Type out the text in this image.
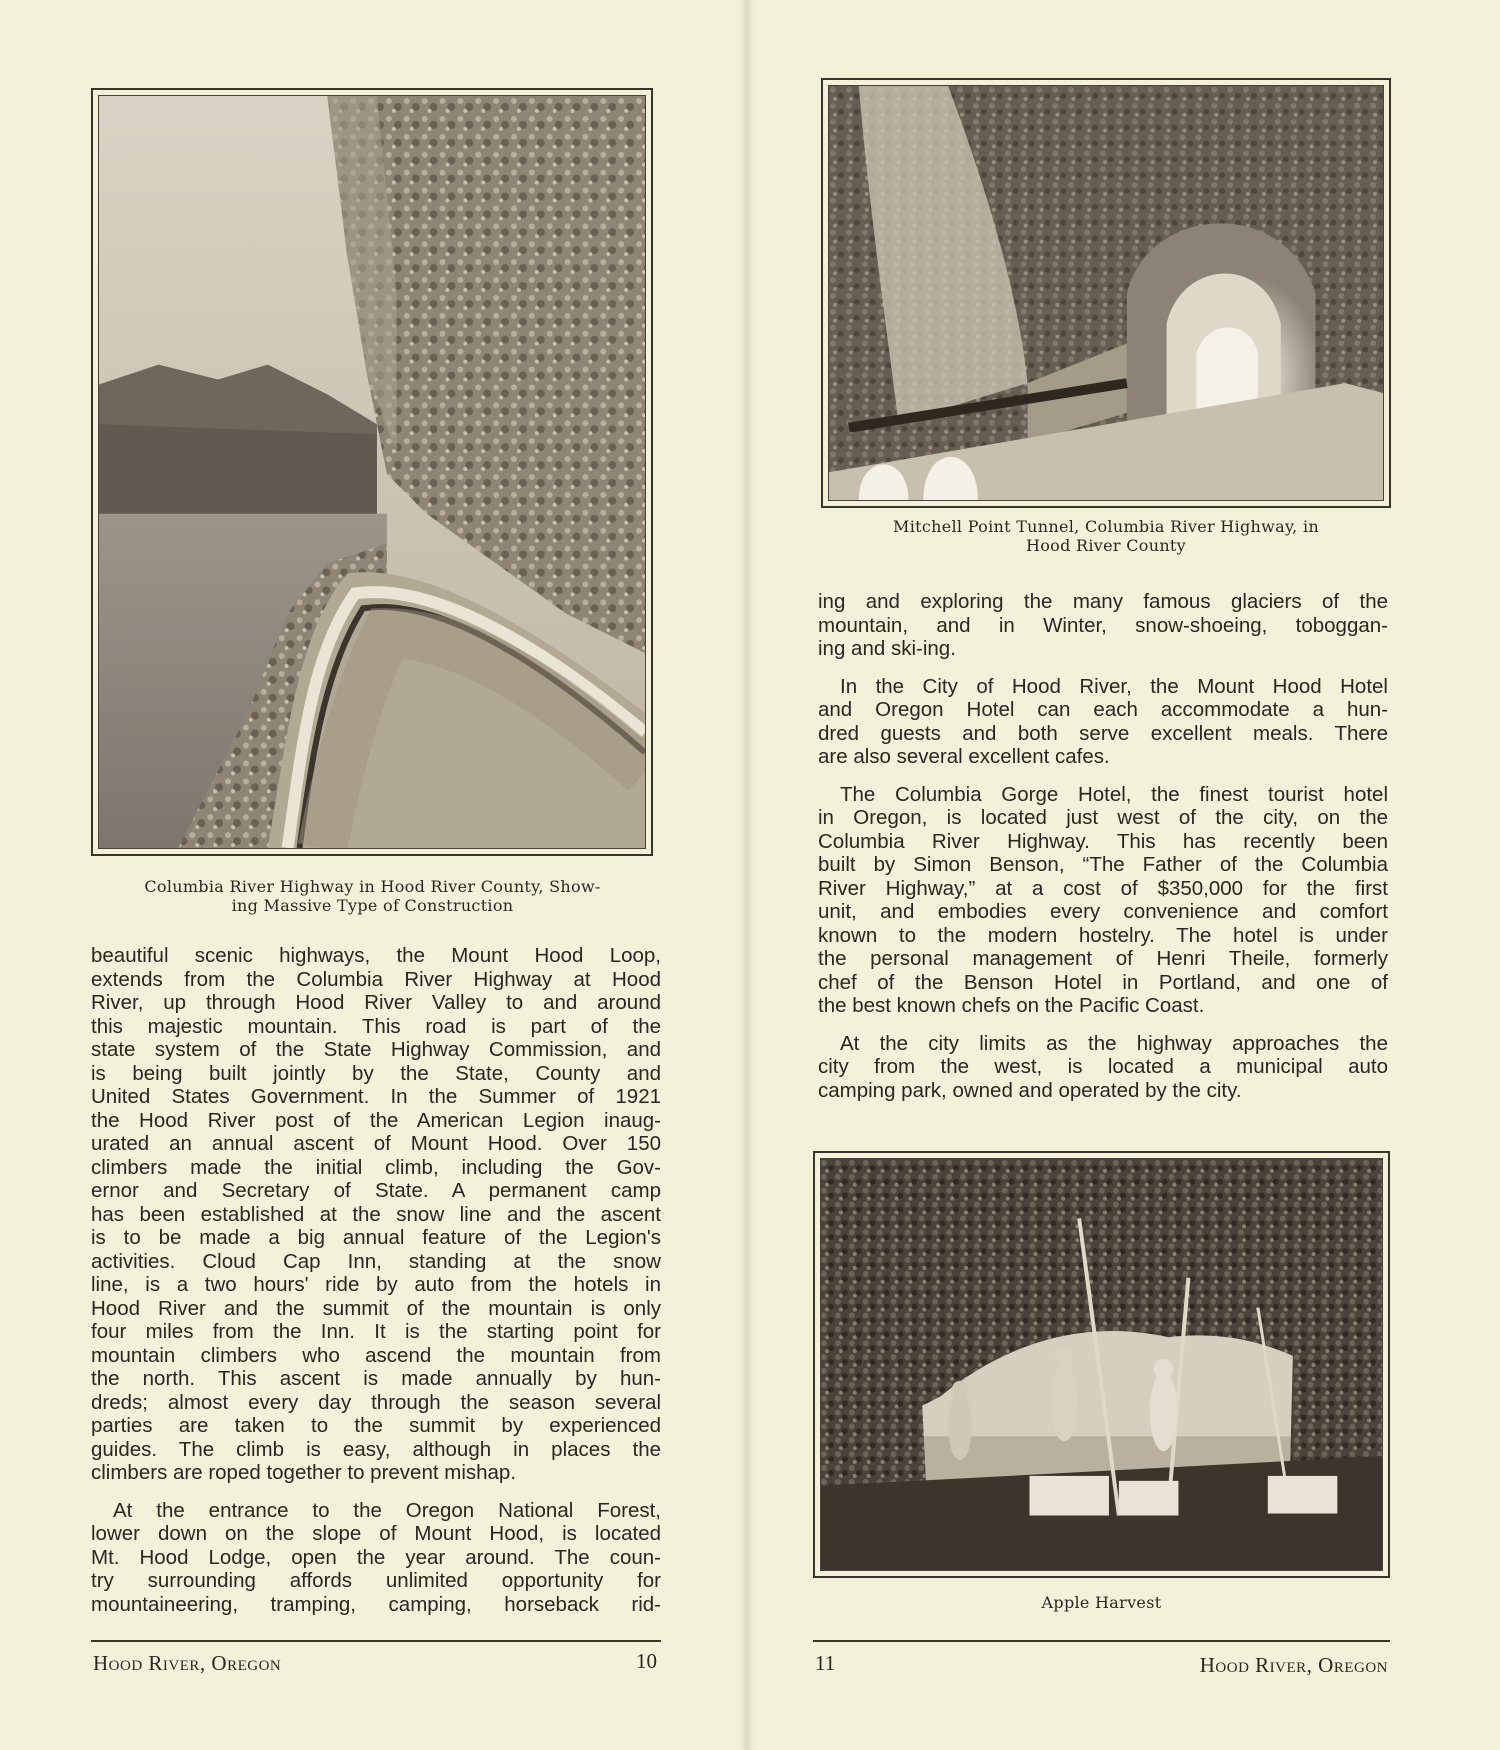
Columbia River Highway in Hood River County, Show-
ing Massive Type of Construction

beautiful scenic highways, the Mount Hood Loop,
extends from the Columbia River Highway at Hood
River, up through Hood River Valley to and around
this majestic mountain. This road is part of the
state system of the State Highway Commission, and
is being built jointly by the State, County and
United States Government. In the Summer of 1921
the Hood River post of the American Legion inaug-
urated an annual ascent of Mount Hood. Over 150
climbers made the initial climb, including the Gov-
ernor and Secretary of State. A permanent camp
has been established at the snow line and the ascent
is to be made a big annual feature of the Legion's
activities. Cloud Cap Inn, standing at the snow
line, is a two hours' ride by auto from the hotels in
Hood River and the summit of the mountain is only
four miles from the Inn. It is the starting point for
mountain climbers who ascend the mountain from
the north. This ascent is made annually by hun-
dreds; almost every day through the season several
parties are taken to the summit by experienced
guides. The climb is easy, although in places the
climbers are roped together to prevent mishap.

At the entrance to the Oregon National Forest,
lower down on the slope of Mount Hood, is located
Mt. Hood Lodge, open the year around. The coun-
try surrounding affords unlimited opportunity for
mountaineering, tramping, camping, horseback rid-

Hood River, Oregon	10
Mitchell Point Tunnel, Columbia River Highway, in
Hood River County

ing and exploring the many famous glaciers of the
mountain, and in Winter, snow-shoeing, toboggan-
ing and ski-ing.

In the City of Hood River, the Mount Hood Hotel
and Oregon Hotel can each accommodate a hun-
dred guests and both serve excellent meals. There
are also several excellent cafes.

The Columbia Gorge Hotel, the finest tourist hotel
in Oregon, is located just west of the city, on the
Columbia River Highway. This has recently been
built by Simon Benson, “The Father of the Columbia
River Highway,” at a cost of $350,000 for the first
unit, and embodies every convenience and comfort
known to the modern hostelry. The hotel is under
the personal management of Henri Theile, formerly
chef of the Benson Hotel in Portland, and one of
the best known chefs on the Pacific Coast.

At the city limits as the highway approaches the
city from the west, is located a municipal auto
camping park, owned and operated by the city.

Apple Harvest
11	Hood River, Oregon
